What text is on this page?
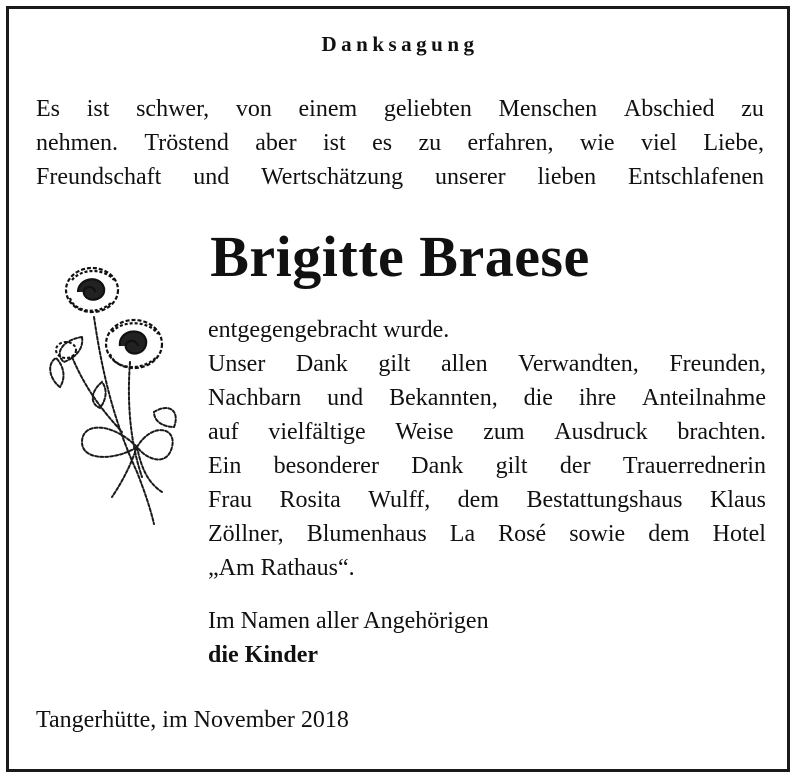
Danksagung
Es ist schwer, von einem geliebten Menschen Abschied zu
nehmen. Tröstend aber ist es zu erfahren, wie viel Liebe,
Freundschaft und Wertschätzung unserer lieben Entschlafenen
Brigitte Braese
entgegengebracht wurde.
Unser Dank gilt allen Verwandten, Freunden,
Nachbarn und Bekannten, die ihre Anteilnahme
auf vielfältige Weise zum Ausdruck brachten.
Ein besonderer Dank gilt der Trauerrednerin
Frau Rosita Wulff, dem Bestattungshaus Klaus
Zöllner, Blumenhaus La Rosé sowie dem Hotel
„Am Rathaus“.
Im Namen aller Angehörigen
die Kinder
Tangerhütte, im November 2018
